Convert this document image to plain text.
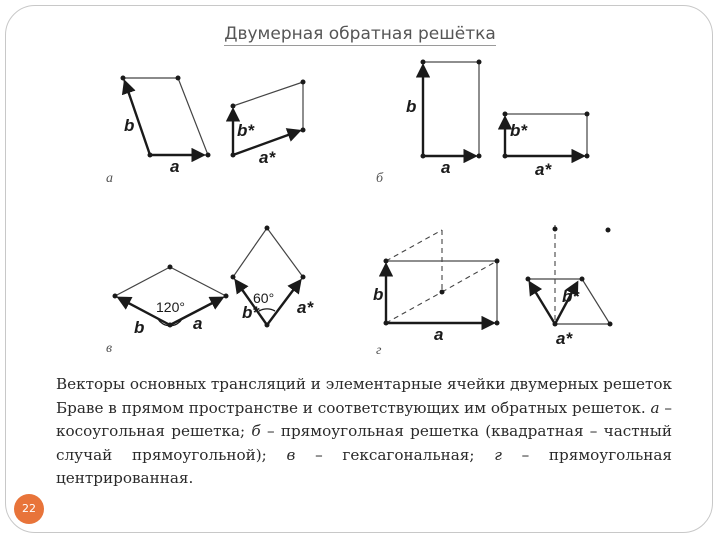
Двумерная обратная решётка
b
a
b*
a*
а
b
a
b*
a*
б
120°
b	a
60°
b* a*
в
b
a
b*
a*
г
Векторы основных трансляций и элементарные ячейки двумерных решеток Браве в прямом пространстве и соответствующих им обратных решеток. а – косоугольная решетка; б – прямоугольная решетка (квадратная – частный случай прямоугольной); в – гексагональная; г – прямоугольная центрированная.
22
